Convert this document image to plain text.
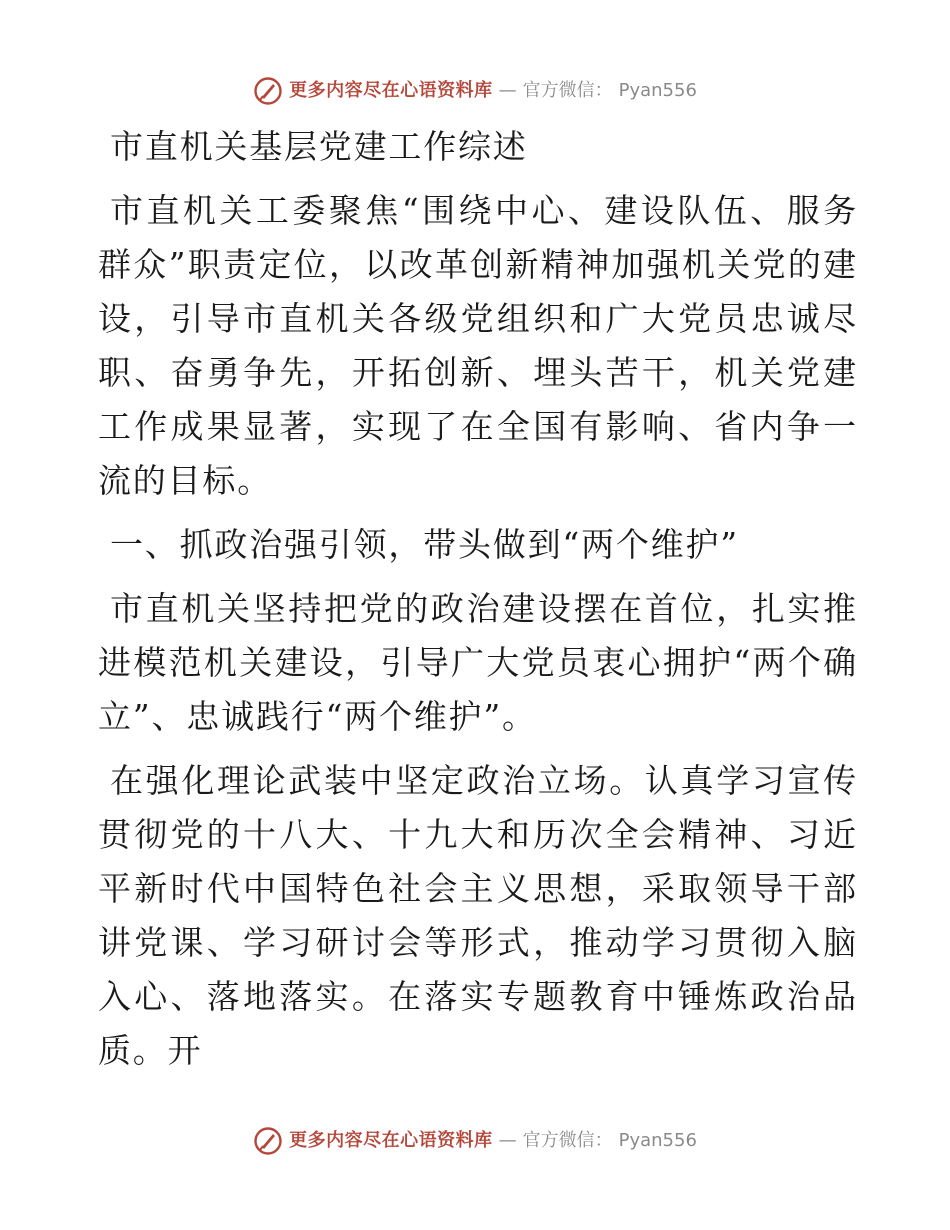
更多内容尽在心语资料库 — 官方微信： Pyan556

市直机关基层党建工作综述

市直机关工委聚焦“围绕中心、建设队伍、服务群众”职责定位，以改革创新精神加强机关党的建设，引导市直机关各级党组织和广大党员忠诚尽职、奋勇争先，开拓创新、埋头苦干，机关党建工作成果显著，实现了在全国有影响、省内争一流的目标。

一、抓政治强引领，带头做到“两个维护”

市直机关坚持把党的政治建设摆在首位，扎实推进模范机关建设，引导广大党员衷心拥护“两个确立”、忠诚践行“两个维护”。

在强化理论武装中坚定政治立场。认真学习宣传贯彻党的十八大、十九大和历次全会精神、习近平新时代中国特色社会主义思想，采取领导干部讲党课、学习研讨会等形式，推动学习贯彻入脑入心、落地落实。在落实专题教育中锤炼政治品质。开

更多内容尽在心语资料库 — 官方微信： Pyan556
